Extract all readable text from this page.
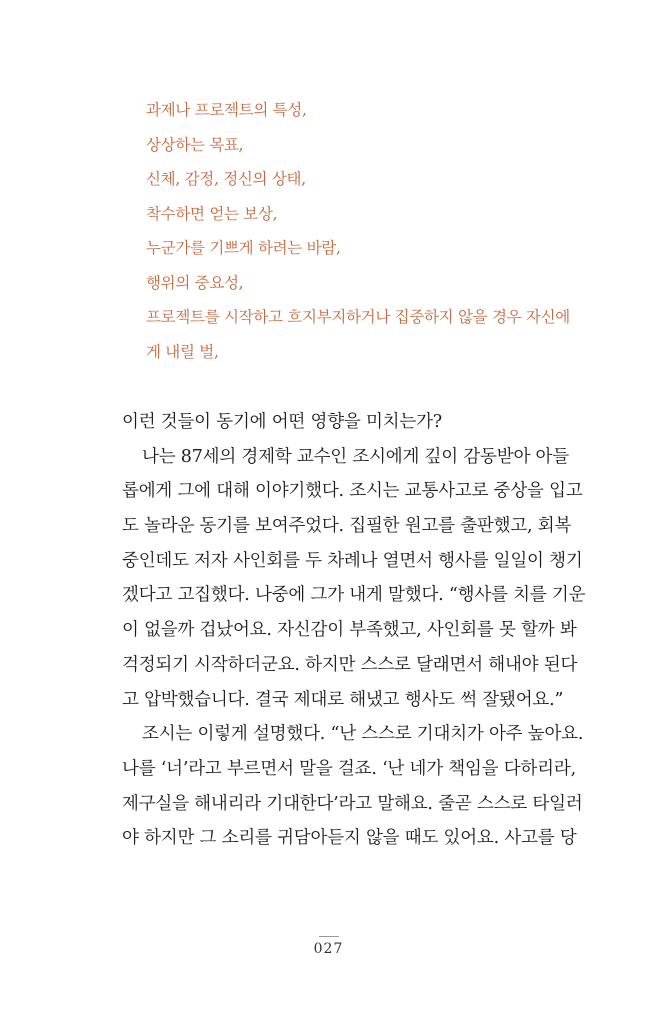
과제나 프로젝트의 특성,
상상하는 목표,
신체, 감정, 정신의 상태,
착수하면 얻는 보상,
누군가를 기쁘게 하려는 바람,
행위의 중요성,
프로젝트를 시작하고 흐지부지하거나 집중하지 않을 경우 자신에
게 내릴 벌,
이런 것들이 동기에 어떤 영향을 미치는가?
나는 87세의 경제학 교수인 조시에게 깊이 감동받아 아들
롭에게 그에 대해 이야기했다. 조시는 교통사고로 중상을 입고
도 놀라운 동기를 보여주었다. 집필한 원고를 출판했고, 회복
중인데도 저자 사인회를 두 차례나 열면서 행사를 일일이 챙기
겠다고 고집했다. 나중에 그가 내게 말했다. “행사를 치를 기운
이 없을까 겁났어요. 자신감이 부족했고, 사인회를 못 할까 봐
걱정되기 시작하더군요. 하지만 스스로 달래면서 해내야 된다
고 압박했습니다. 결국 제대로 해냈고 행사도 썩 잘됐어요.”
조시는 이렇게 설명했다. “난 스스로 기대치가 아주 높아요.
나를 ‘너’라고 부르면서 말을 걸죠. ‘난 네가 책임을 다하리라,
제구실을 해내리라 기대한다’라고 말해요. 줄곧 스스로 타일러
야 하지만 그 소리를 귀담아듣지 않을 때도 있어요. 사고를 당
027
